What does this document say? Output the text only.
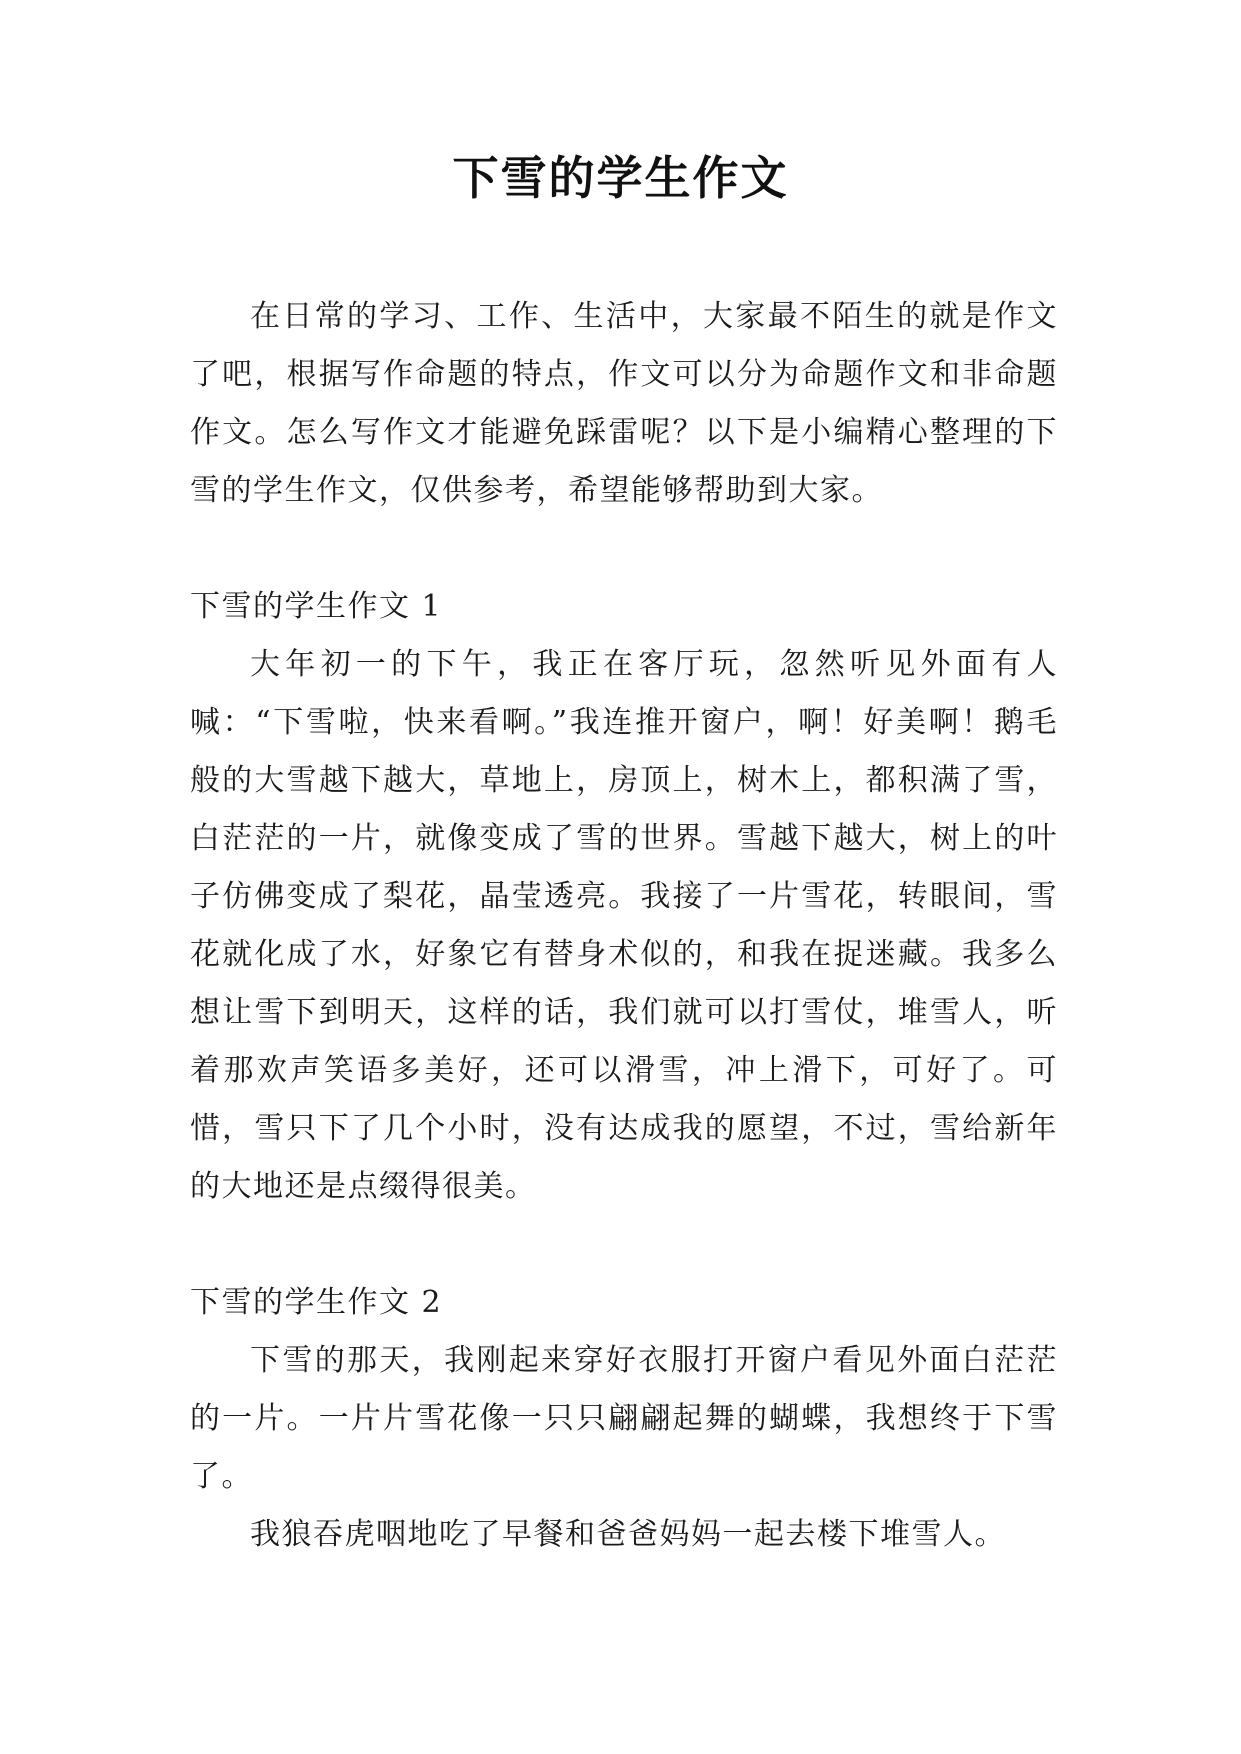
下雪的学生作文

在日常的学习、工作、生活中，大家最不陌生的就是作文了吧，根据写作命题的特点，作文可以分为命题作文和非命题作文。怎么写作文才能避免踩雷呢？以下是小编精心整理的下雪的学生作文，仅供参考，希望能够帮助到大家。

下雪的学生作文 1

大年初一的下午，我正在客厅玩，忽然听见外面有人喊：“下雪啦，快来看啊。”我连推开窗户，啊！好美啊！鹅毛般的大雪越下越大，草地上，房顶上，树木上，都积满了雪，白茫茫的一片，就像变成了雪的世界。雪越下越大，树上的叶子仿佛变成了梨花，晶莹透亮。我接了一片雪花，转眼间，雪花就化成了水，好象它有替身术似的，和我在捉迷藏。我多么想让雪下到明天，这样的话，我们就可以打雪仗，堆雪人，听着那欢声笑语多美好，还可以滑雪，冲上滑下，可好了。可惜，雪只下了几个小时，没有达成我的愿望，不过，雪给新年的大地还是点缀得很美。

下雪的学生作文 2

下雪的那天，我刚起来穿好衣服打开窗户看见外面白茫茫的一片。一片片雪花像一只只翩翩起舞的蝴蝶，我想终于下雪了。

我狼吞虎咽地吃了早餐和爸爸妈妈一起去楼下堆雪人。
